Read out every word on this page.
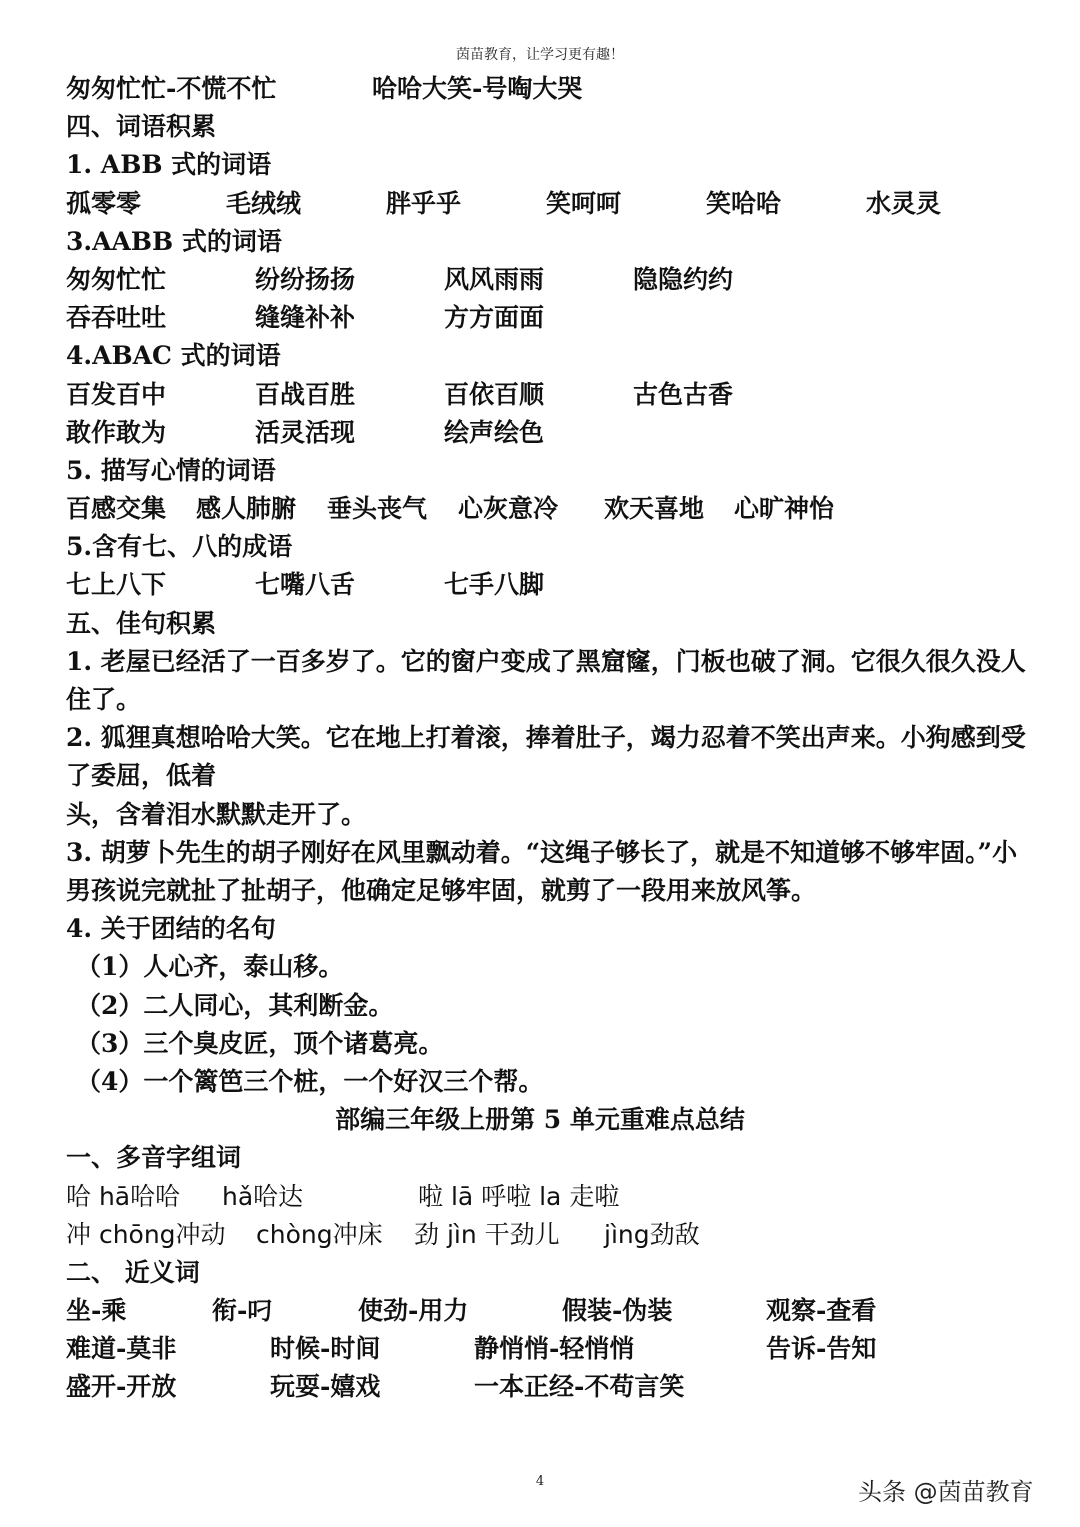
茵苗教育，让学习更有趣！
匆匆忙忙-不慌不忙	哈哈大笑-号啕大哭
四、词语积累
1. ABB 式的词语
孤零零	毛绒绒	胖乎乎	笑呵呵	笑哈哈	水灵灵
3.AABB 式的词语
匆匆忙忙	纷纷扬扬	风风雨雨	隐隐约约
吞吞吐吐	缝缝补补	方方面面
4.ABAC 式的词语
百发百中	百战百胜	百依百顺	古色古香
敢作敢为	活灵活现	绘声绘色
5. 描写心情的词语
百感交集 感人肺腑 垂头丧气 心灰意冷 欢天喜地 心旷神怡
5.含有七、八的成语
七上八下	七嘴八舌	七手八脚
五、佳句积累
1. 老屋已经活了一百多岁了。它的窗户变成了黑窟窿，门板也破了洞。它很久很久没人住了。
2. 狐狸真想哈哈大笑。它在地上打着滚，捧着肚子，竭力忍着不笑出声来。小狗感到受了委屈，低着
头，含着泪水默默走开了。
3. 胡萝卜先生的胡子刚好在风里飘动着。“这绳子够长了，就是不知道够不够牢固。”小男孩说完就扯了扯胡子，他确定足够牢固，就剪了一段用来放风筝。
4. 关于团结的名句
（1）人心齐，泰山移。
（2）二人同心，其利断金。
（3）三个臭皮匠，顶个诸葛亮。
（4）一个篱笆三个桩，一个好汉三个帮。
部编三年级上册第 5 单元重难点总结
一、多音字组词
哈 hā哈哈 hǎ哈达	啦 lā 呼啦 la 走啦
冲 chōng冲动 chòng冲床 劲 jìn 干劲儿 jìng劲敌
二、 近义词
坐-乘	衔-叼	使劲-用力	假装-伪装	观察-查看
难道-莫非	时候-时间	静悄悄-轻悄悄	告诉-告知
盛开-开放	玩耍-嬉戏	一本正经-不苟言笑
4	头条 @茵苗教育
